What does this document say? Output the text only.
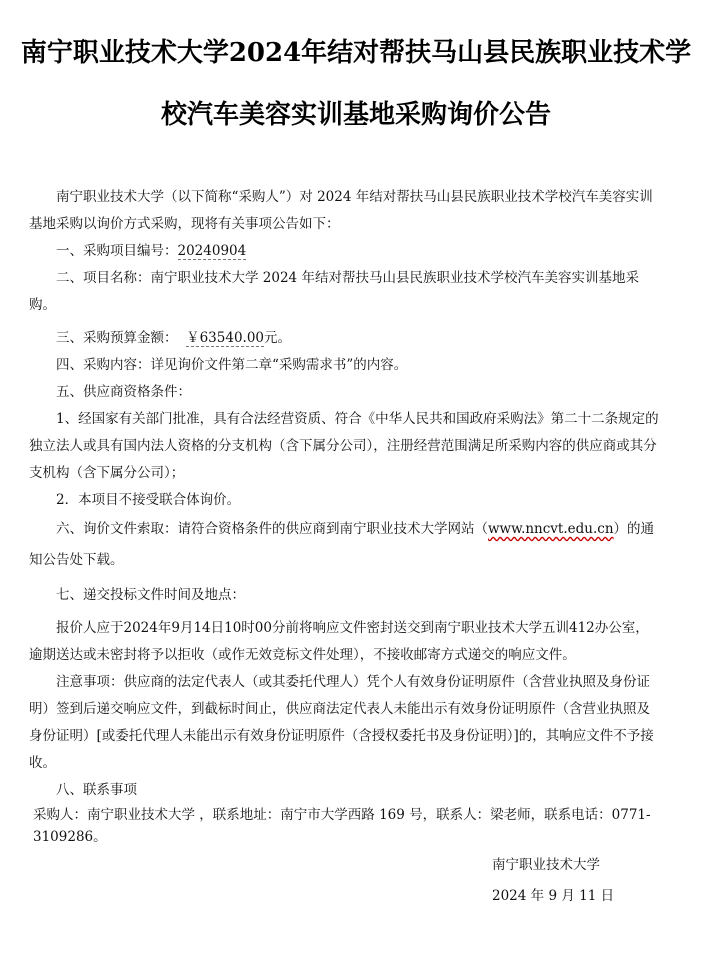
南宁职业技术大学2024年结对帮扶马山县民族职业技术学校汽车美容实训基地采购询价公告

南宁职业技术大学（以下简称“采购人”）对 2024 年结对帮扶马山县民族职业技术学校汽车美容实训基地采购以询价方式采购，现将有关事项公告如下：

一、采购项目编号：20240904

二、项目名称：南宁职业技术大学 2024 年结对帮扶马山县民族职业技术学校汽车美容实训基地采购。

三、采购预算金额： ￥63540.00元。

四、采购内容：详见询价文件第二章“采购需求书”的内容。

五、供应商资格条件：

1、经国家有关部门批准，具有合法经营资质、符合《中华人民共和国政府采购法》第二十二条规定的独立法人或具有国内法人资格的分支机构（含下属分公司），注册经营范围满足所采购内容的供应商或其分支机构（含下属分公司）；

2．本项目不接受联合体询价。

六、询价文件索取：请符合资格条件的供应商到南宁职业技术大学网站（www.nncvt.edu.cn）的通知公告处下载。

七、递交投标文件时间及地点：

报价人应于2024年9月14日10时00分前将响应文件密封送交到南宁职业技术大学五训412办公室，逾期送达或未密封将予以拒收（或作无效竞标文件处理），不接收邮寄方式递交的响应文件。

注意事项：供应商的法定代表人（或其委托代理人）凭个人有效身份证明原件（含营业执照及身份证明）签到后递交响应文件，到截标时间止，供应商法定代表人未能出示有效身份证明原件（含营业执照及身份证明）[或委托代理人未能出示有效身份证明原件（含授权委托书及身份证明）]的，其响应文件不予接收。

八、联系事项

采购人：南宁职业技术大学 ，联系地址：南宁市大学西路 169 号，联系人：梁老师，联系电话：0771-3109286。

南宁职业技术大学
2024 年 9 月 11 日
